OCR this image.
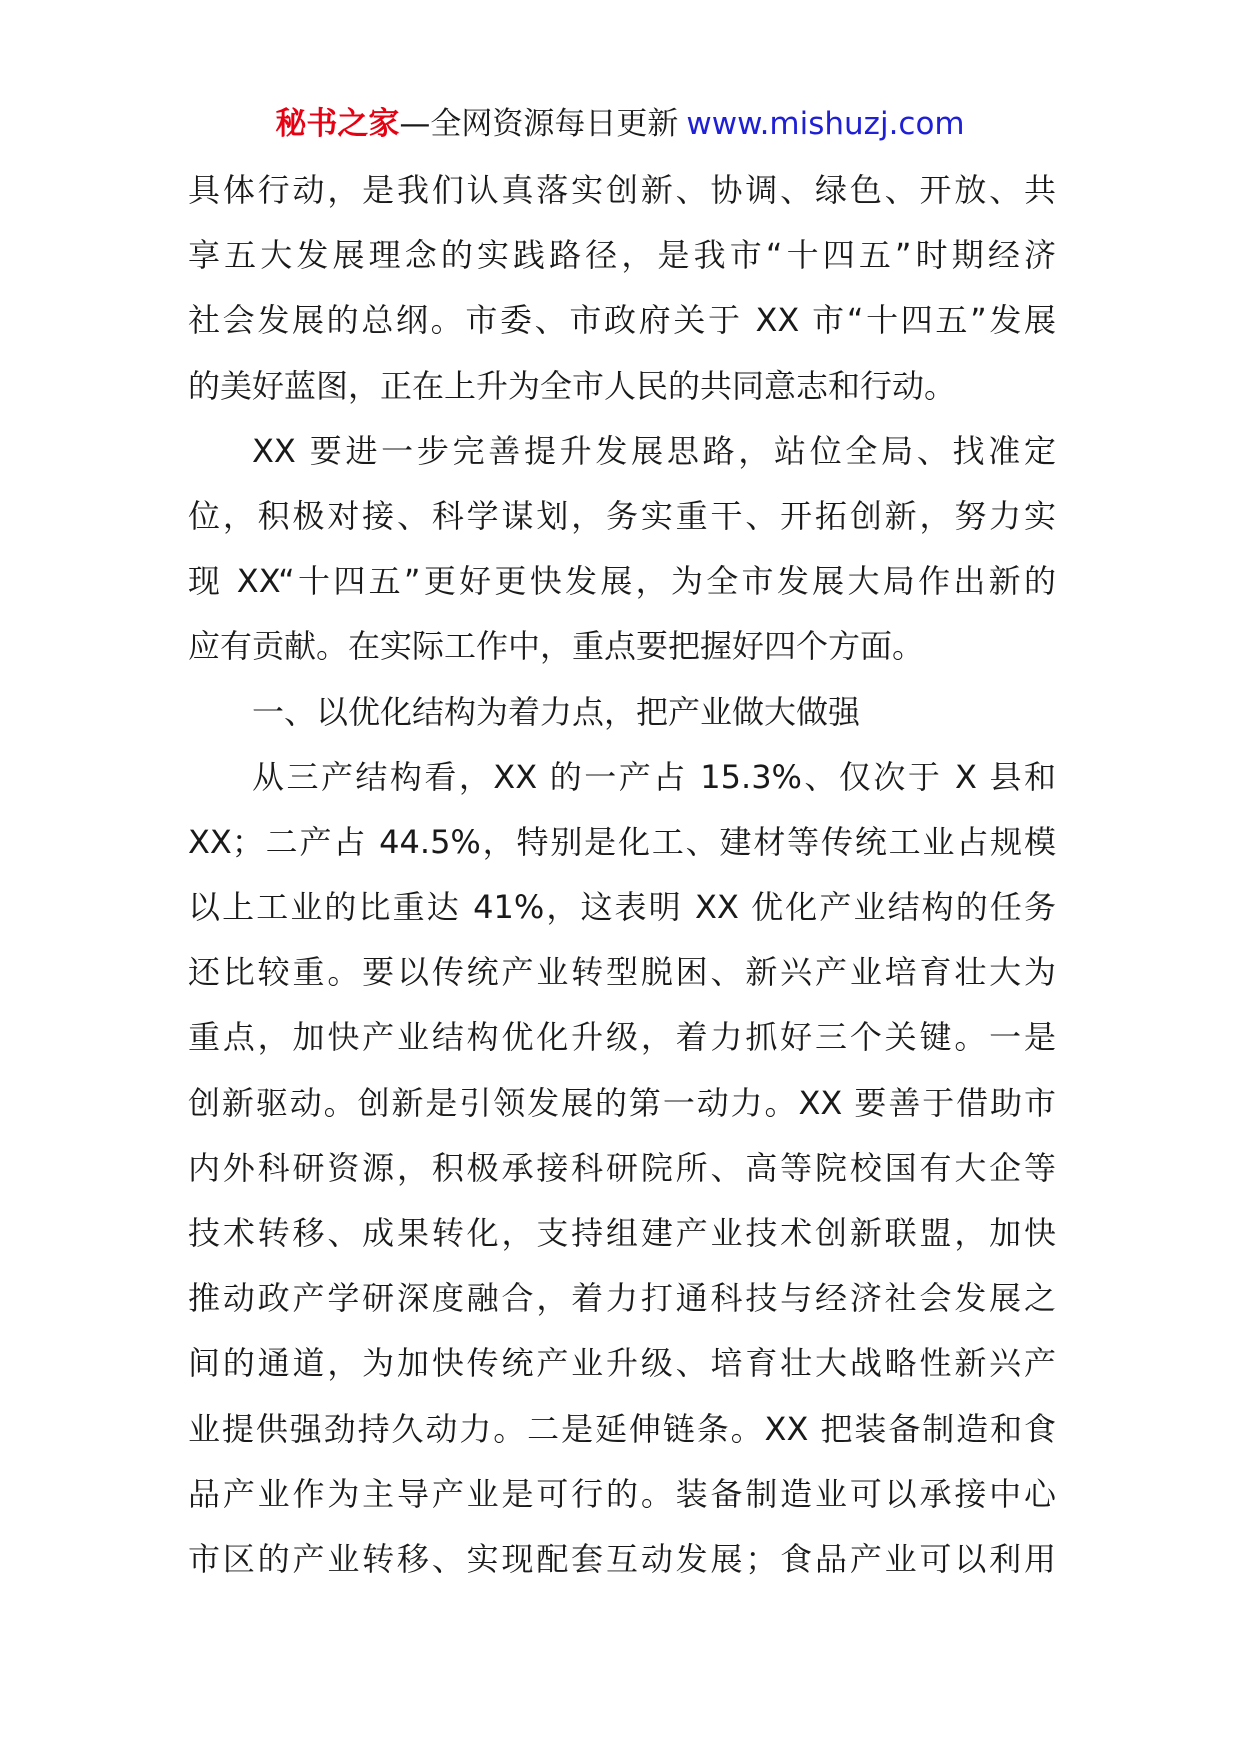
秘书之家—全网资源每日更新 www.mishuzj.com
具体行动，是我们认真落实创新、协调、绿色、开放、共
享五大发展理念的实践路径，是我市“十四五”时期经济
社会发展的总纲。市委、市政府关于 XX 市“十四五”发展
的美好蓝图，正在上升为全市人民的共同意志和行动。
XX 要进一步完善提升发展思路，站位全局、找准定
位，积极对接、科学谋划，务实重干、开拓创新，努力实
现 XX“十四五”更好更快发展，为全市发展大局作出新的
应有贡献。在实际工作中，重点要把握好四个方面。
一、以优化结构为着力点，把产业做大做强
从三产结构看，XX 的一产占 15.3%、仅次于 X 县和
XX；二产占 44.5%，特别是化工、建材等传统工业占规模
以上工业的比重达 41%，这表明 XX 优化产业结构的任务
还比较重。要以传统产业转型脱困、新兴产业培育壮大为
重点，加快产业结构优化升级，着力抓好三个关键。一是
创新驱动。创新是引领发展的第一动力。XX 要善于借助市
内外科研资源，积极承接科研院所、高等院校国有大企等
技术转移、成果转化，支持组建产业技术创新联盟，加快
推动政产学研深度融合，着力打通科技与经济社会发展之
间的通道，为加快传统产业升级、培育壮大战略性新兴产
业提供强劲持久动力。二是延伸链条。XX 把装备制造和食
品产业作为主导产业是可行的。装备制造业可以承接中心
市区的产业转移、实现配套互动发展；食品产业可以利用
